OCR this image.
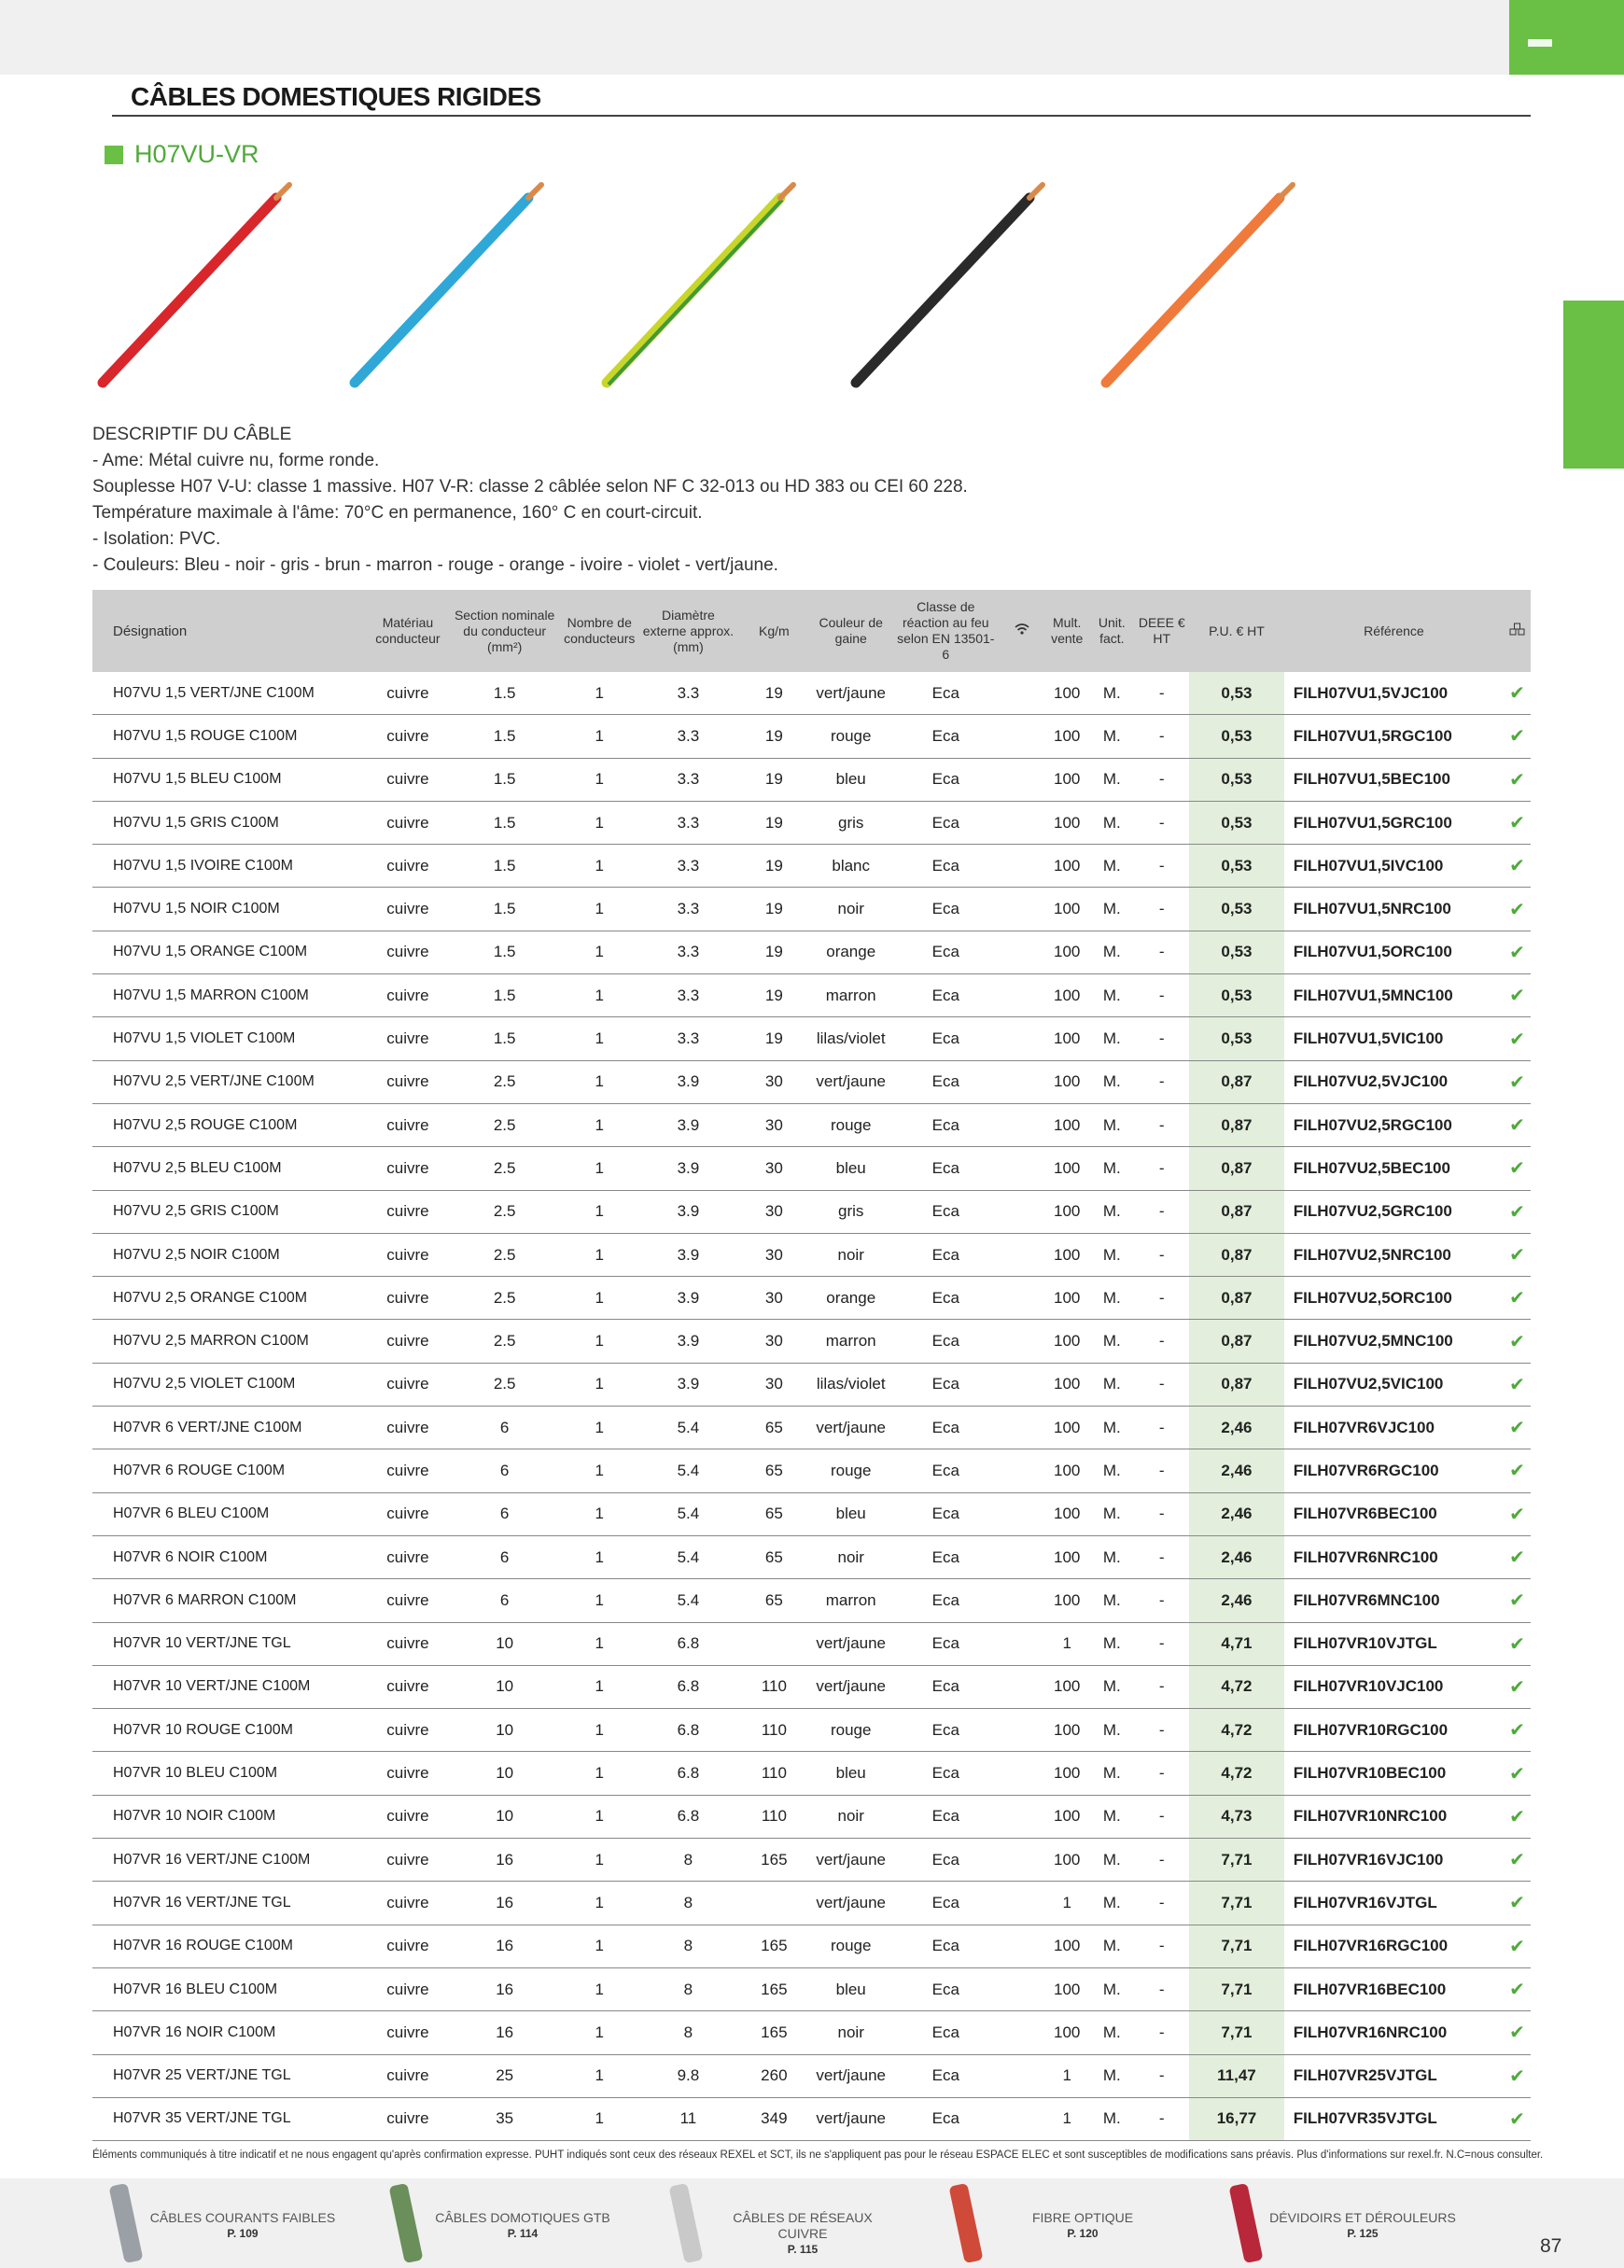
CÂBLES DOMESTIQUES RIGIDES
H07VU-VR
DESCRIPTIF DU CÂBLE
- Ame: Métal cuivre nu, forme ronde.
Souplesse H07 V-U: classe 1 massive. H07 V-R: classe 2 câblée selon NF C 32-013 ou HD 383 ou CEI 60 228.
Température maximale à l'âme: 70°C en permanence, 160° C en court-circuit.
- Isolation: PVC.
- Couleurs: Bleu - noir - gris - brun - marron - rouge - orange - ivoire - violet - vert/jaune.
Désignation	Matériau conducteur	Section nominale du conducteur (mm²)	Nombre de conducteurs	Diamètre externe approx. (mm)	Kg/m	Couleur de gaine	Classe de réaction au feu selon EN 13501-6		Mult. vente	Unit. fact.	DEEE € HT	P.U. € HT	Référence	
H07VU 1,5 VERT/JNE C100M	cuivre	1.5	1	3.3	19	vert/jaune	Eca		100	M.	-	0,53	FILH07VU1,5VJC100	✔
H07VU 1,5 ROUGE C100M	cuivre	1.5	1	3.3	19	rouge	Eca		100	M.	-	0,53	FILH07VU1,5RGC100	✔
H07VU 1,5 BLEU C100M	cuivre	1.5	1	3.3	19	bleu	Eca		100	M.	-	0,53	FILH07VU1,5BEC100	✔
H07VU 1,5 GRIS C100M	cuivre	1.5	1	3.3	19	gris	Eca		100	M.	-	0,53	FILH07VU1,5GRC100	✔
H07VU 1,5 IVOIRE C100M	cuivre	1.5	1	3.3	19	blanc	Eca		100	M.	-	0,53	FILH07VU1,5IVC100	✔
H07VU 1,5 NOIR C100M	cuivre	1.5	1	3.3	19	noir	Eca		100	M.	-	0,53	FILH07VU1,5NRC100	✔
H07VU 1,5 ORANGE C100M	cuivre	1.5	1	3.3	19	orange	Eca		100	M.	-	0,53	FILH07VU1,5ORC100	✔
H07VU 1,5 MARRON C100M	cuivre	1.5	1	3.3	19	marron	Eca		100	M.	-	0,53	FILH07VU1,5MNC100	✔
H07VU 1,5 VIOLET C100M	cuivre	1.5	1	3.3	19	lilas/violet	Eca		100	M.	-	0,53	FILH07VU1,5VIC100	✔
H07VU 2,5 VERT/JNE C100M	cuivre	2.5	1	3.9	30	vert/jaune	Eca		100	M.	-	0,87	FILH07VU2,5VJC100	✔
H07VU 2,5 ROUGE C100M	cuivre	2.5	1	3.9	30	rouge	Eca		100	M.	-	0,87	FILH07VU2,5RGC100	✔
H07VU 2,5 BLEU C100M	cuivre	2.5	1	3.9	30	bleu	Eca		100	M.	-	0,87	FILH07VU2,5BEC100	✔
H07VU 2,5 GRIS C100M	cuivre	2.5	1	3.9	30	gris	Eca		100	M.	-	0,87	FILH07VU2,5GRC100	✔
H07VU 2,5 NOIR C100M	cuivre	2.5	1	3.9	30	noir	Eca		100	M.	-	0,87	FILH07VU2,5NRC100	✔
H07VU 2,5 ORANGE C100M	cuivre	2.5	1	3.9	30	orange	Eca		100	M.	-	0,87	FILH07VU2,5ORC100	✔
H07VU 2,5 MARRON C100M	cuivre	2.5	1	3.9	30	marron	Eca		100	M.	-	0,87	FILH07VU2,5MNC100	✔
H07VU 2,5 VIOLET C100M	cuivre	2.5	1	3.9	30	lilas/violet	Eca		100	M.	-	0,87	FILH07VU2,5VIC100	✔
H07VR 6 VERT/JNE C100M	cuivre	6	1	5.4	65	vert/jaune	Eca		100	M.	-	2,46	FILH07VR6VJC100	✔
H07VR 6 ROUGE C100M	cuivre	6	1	5.4	65	rouge	Eca		100	M.	-	2,46	FILH07VR6RGC100	✔
H07VR 6 BLEU C100M	cuivre	6	1	5.4	65	bleu	Eca		100	M.	-	2,46	FILH07VR6BEC100	✔
H07VR 6 NOIR C100M	cuivre	6	1	5.4	65	noir	Eca		100	M.	-	2,46	FILH07VR6NRC100	✔
H07VR 6 MARRON C100M	cuivre	6	1	5.4	65	marron	Eca		100	M.	-	2,46	FILH07VR6MNC100	✔
H07VR 10 VERT/JNE TGL	cuivre	10	1	6.8		vert/jaune	Eca		1	M.	-	4,71	FILH07VR10VJTGL	✔
H07VR 10 VERT/JNE C100M	cuivre	10	1	6.8	110	vert/jaune	Eca		100	M.	-	4,72	FILH07VR10VJC100	✔
H07VR 10 ROUGE C100M	cuivre	10	1	6.8	110	rouge	Eca		100	M.	-	4,72	FILH07VR10RGC100	✔
H07VR 10 BLEU C100M	cuivre	10	1	6.8	110	bleu	Eca		100	M.	-	4,72	FILH07VR10BEC100	✔
H07VR 10 NOIR C100M	cuivre	10	1	6.8	110	noir	Eca		100	M.	-	4,73	FILH07VR10NRC100	✔
H07VR 16 VERT/JNE C100M	cuivre	16	1	8	165	vert/jaune	Eca		100	M.	-	7,71	FILH07VR16VJC100	✔
H07VR 16 VERT/JNE TGL	cuivre	16	1	8		vert/jaune	Eca		1	M.	-	7,71	FILH07VR16VJTGL	✔
H07VR 16 ROUGE C100M	cuivre	16	1	8	165	rouge	Eca		100	M.	-	7,71	FILH07VR16RGC100	✔
H07VR 16 BLEU C100M	cuivre	16	1	8	165	bleu	Eca		100	M.	-	7,71	FILH07VR16BEC100	✔
H07VR 16 NOIR C100M	cuivre	16	1	8	165	noir	Eca		100	M.	-	7,71	FILH07VR16NRC100	✔
H07VR 25 VERT/JNE TGL	cuivre	25	1	9.8	260	vert/jaune	Eca		1	M.	-	11,47	FILH07VR25VJTGL	✔
H07VR 35 VERT/JNE TGL	cuivre	35	1	11	349	vert/jaune	Eca		1	M.	-	16,77	FILH07VR35VJTGL	✔
Éléments communiqués à titre indicatif et ne nous engagent qu'après confirmation expresse. PUHT indiqués sont ceux des réseaux REXEL et SCT, ils ne s'appliquent pas pour le réseau ESPACE ELEC et sont susceptibles de modifications sans préavis. Plus d'informations sur rexel.fr. N.C=nous consulter.
CÂBLES COURANTS FAIBLES
P. 109
CÂBLES DOMOTIQUES GTB
P. 114
CÂBLES DE RÉSEAUX CUIVRE
P. 115
FIBRE OPTIQUE
P. 120
DÉVIDOIRS ET DÉROULEURS
P. 125
87
